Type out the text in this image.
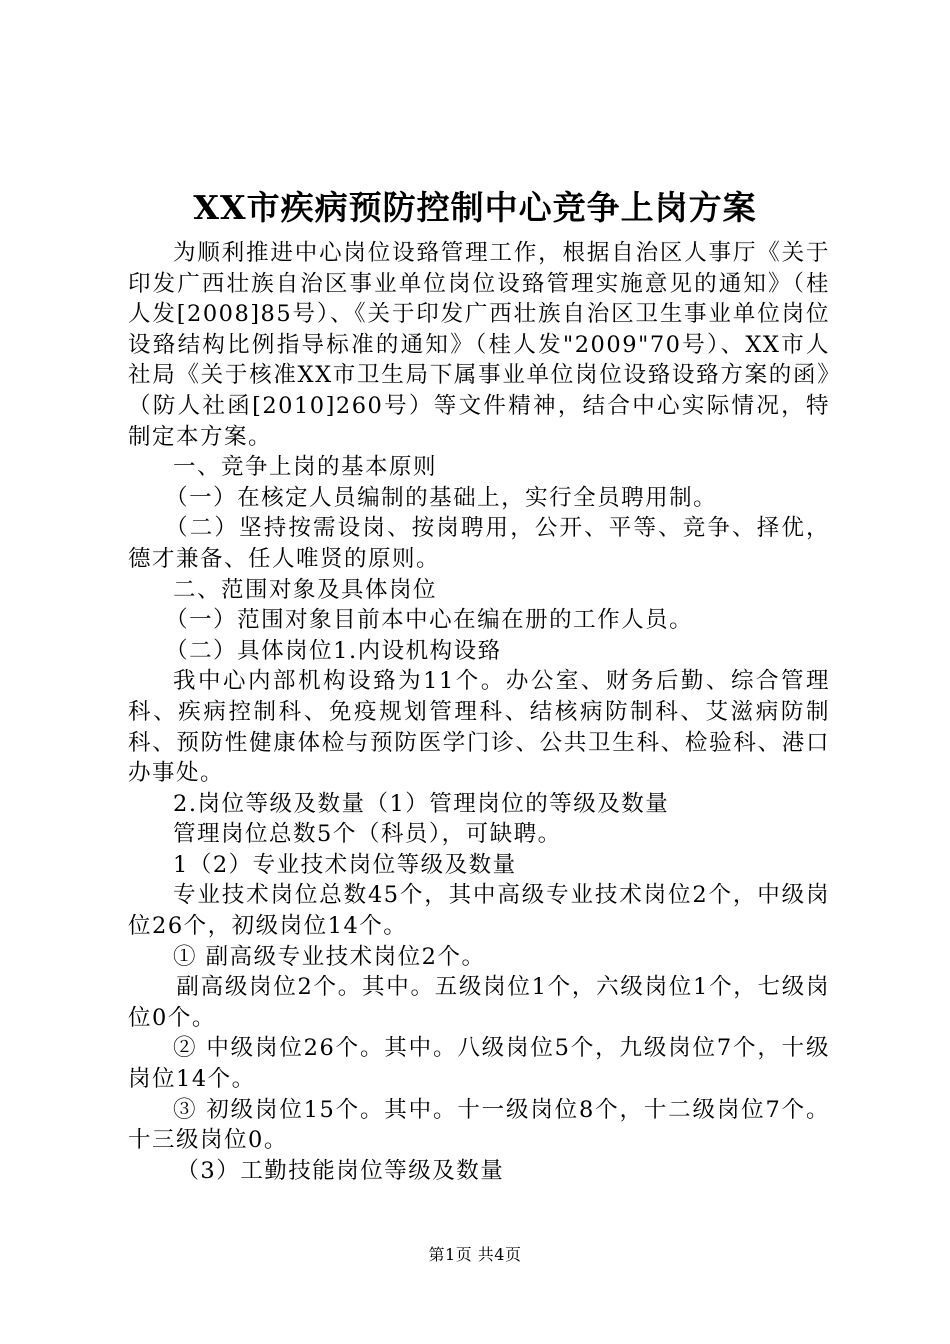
XX市疾病预防控制中心竞争上岗方案

为顺利推进中心岗位设臵管理工作，根据自治区人事厅《关于印发广西壮族自治区事业单位岗位设臵管理实施意见的通知》（桂人发[2008]85号）、《关于印发广西壮族自治区卫生事业单位岗位设臵结构比例指导标准的通知》（桂人发"2009"70号）、XX市人社局《关于核准XX市卫生局下属事业单位岗位设臵设臵方案的函》（防人社函[2010]260号）等文件精神，结合中心实际情况，特制定本方案。

一、竞争上岗的基本原则

（一）在核定人员编制的基础上，实行全员聘用制。

（二）坚持按需设岗、按岗聘用，公开、平等、竞争、择优，德才兼备、任人唯贤的原则。

二、范围对象及具体岗位

（一）范围对象目前本中心在编在册的工作人员。

（二）具体岗位1.内设机构设臵

我中心内部机构设臵为11个。办公室、财务后勤、综合管理科、疾病控制科、免疫规划管理科、结核病防制科、艾滋病防制科、预防性健康体检与预防医学门诊、公共卫生科、检验科、港口办事处。

2.岗位等级及数量（1）管理岗位的等级及数量

管理岗位总数5个（科员），可缺聘。

1（2）专业技术岗位等级及数量

专业技术岗位总数45个，其中高级专业技术岗位2个，中级岗位26个，初级岗位14个。

① 副高级专业技术岗位2个。

副高级岗位2个。其中。五级岗位1个，六级岗位1个，七级岗位0个。

② 中级岗位26个。其中。八级岗位5个，九级岗位7个，十级岗位14个。

③ 初级岗位15个。其中。十一级岗位8个，十二级岗位7个。十三级岗位0。

（3）工勤技能岗位等级及数量

第1页 共4页
